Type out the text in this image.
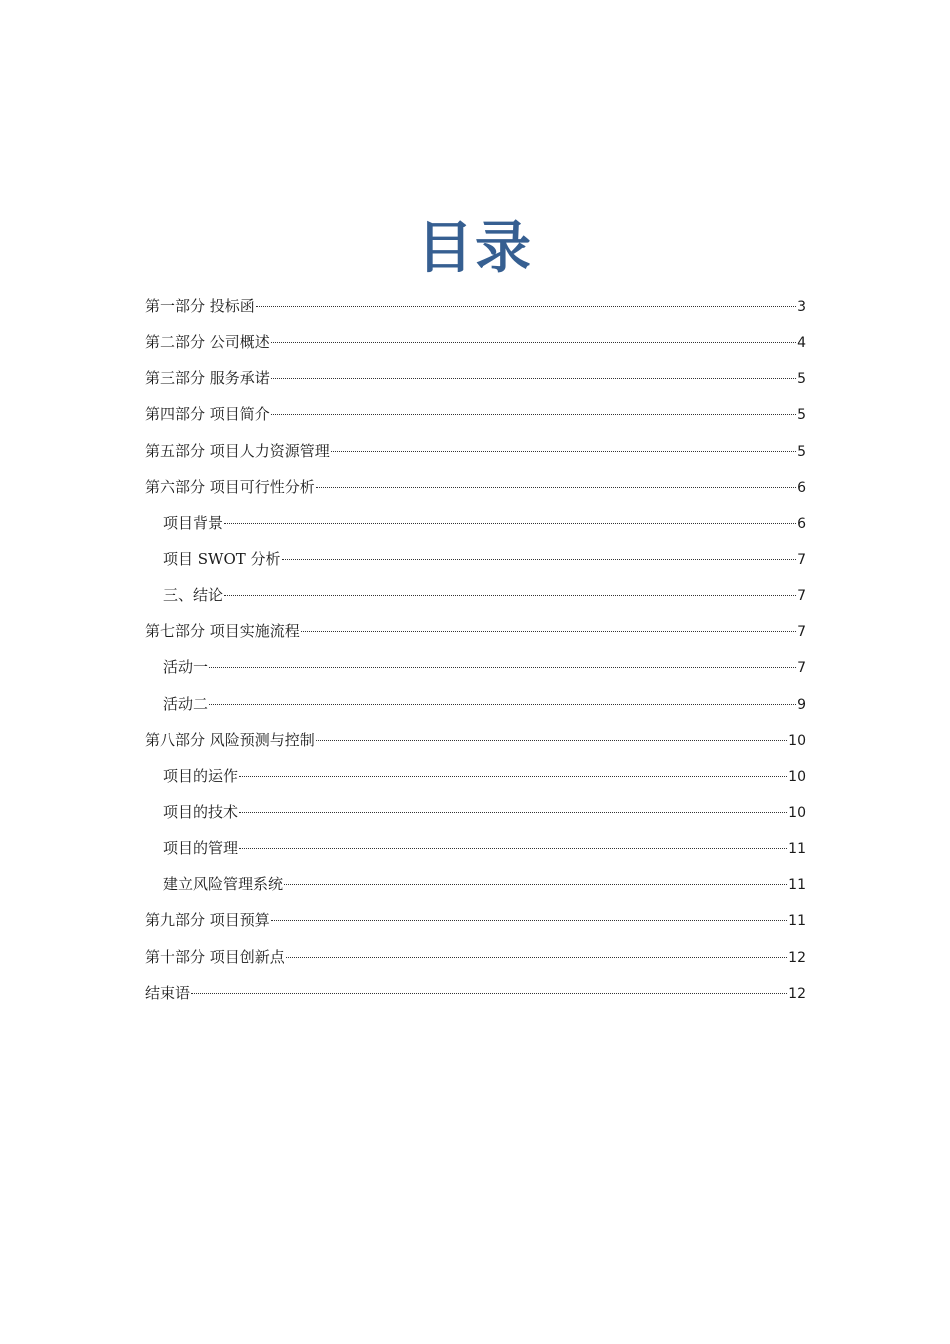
目录
第一部分 投标函	3
第二部分 公司概述	4
第三部分 服务承诺	5
第四部分 项目简介	5
第五部分 项目人力资源管理	5
第六部分 项目可行性分析	6
项目背景	6
项目 SWOT 分析	7
三、结论	7
第七部分 项目实施流程	7
活动一	7
活动二	9
第八部分 风险预测与控制	10
项目的运作	10
项目的技术	10
项目的管理	11
建立风险管理系统	11
第九部分 项目预算	11
第十部分 项目创新点	12
结束语	12
